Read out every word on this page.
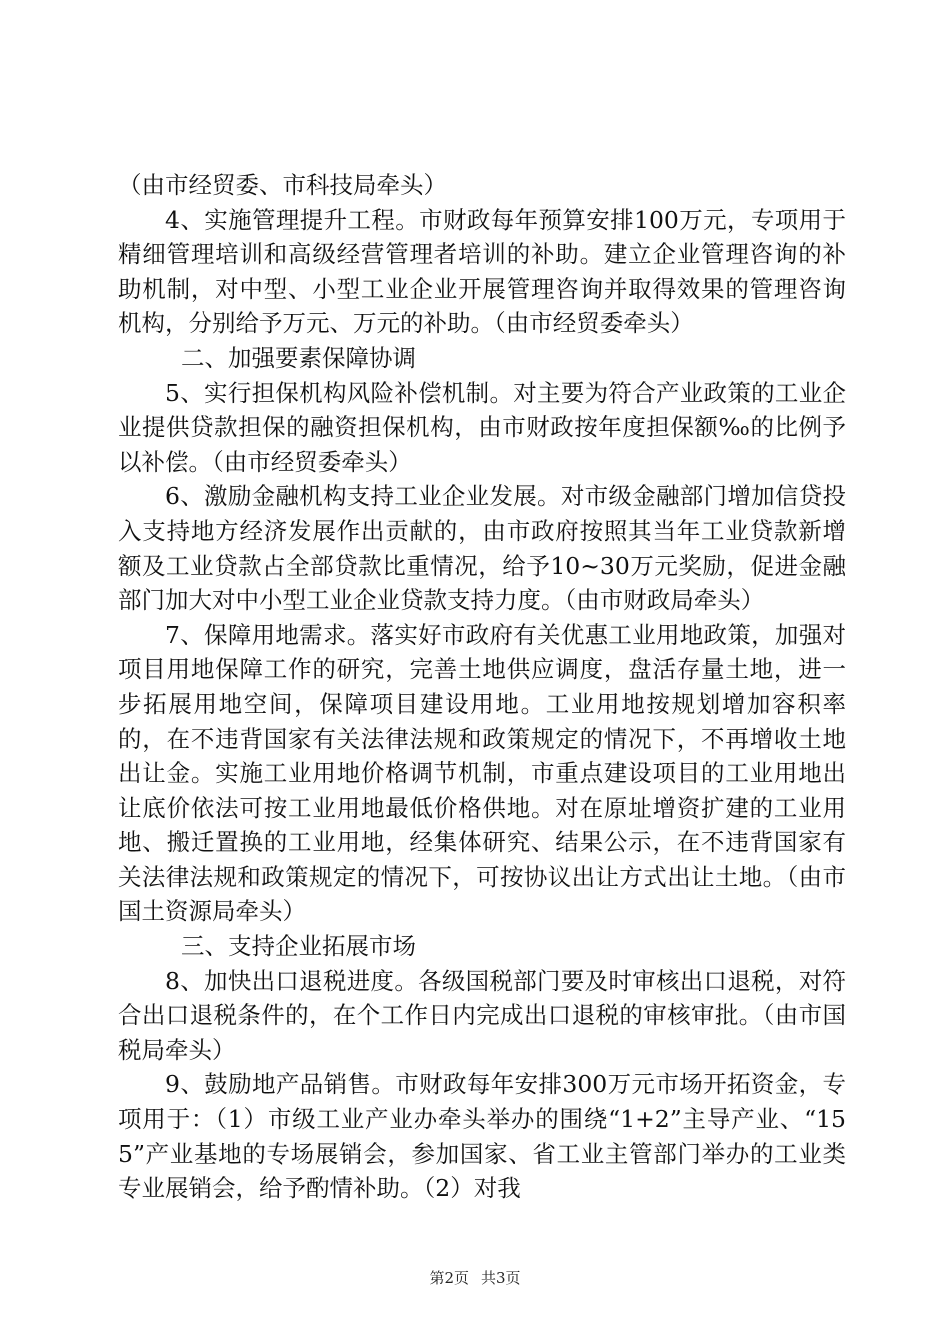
（由市经贸委、市科技局牵头）

4、实施管理提升工程。市财政每年预算安排100万元，专项用于精细管理培训和高级经营管理者培训的补助。建立企业管理咨询的补助机制，对中型、小型工业企业开展管理咨询并取得效果的管理咨询机构，分别给予万元、万元的补助。（由市经贸委牵头）

二、加强要素保障协调

5、实行担保机构风险补偿机制。对主要为符合产业政策的工业企业提供贷款担保的融资担保机构，由市财政按年度担保额‰的比例予以补偿。（由市经贸委牵头）

6、激励金融机构支持工业企业发展。对市级金融部门增加信贷投入支持地方经济发展作出贡献的，由市政府按照其当年工业贷款新增额及工业贷款占全部贷款比重情况，给予10~30万元奖励，促进金融部门加大对中小型工业企业贷款支持力度。（由市财政局牵头）

7、保障用地需求。落实好市政府有关优惠工业用地政策，加强对项目用地保障工作的研究，完善土地供应调度，盘活存量土地，进一步拓展用地空间，保障项目建设用地。工业用地按规划增加容积率的，在不违背国家有关法律法规和政策规定的情况下，不再增收土地出让金。实施工业用地价格调节机制，市重点建设项目的工业用地出让底价依法可按工业用地最低价格供地。对在原址增资扩建的工业用地、搬迁置换的工业用地，经集体研究、结果公示，在不违背国家有关法律法规和政策规定的情况下，可按协议出让方式出让土地。（由市国土资源局牵头）

三、支持企业拓展市场

8、加快出口退税进度。各级国税部门要及时审核出口退税，对符合出口退税条件的，在个工作日内完成出口退税的审核审批。（由市国税局牵头）

9、鼓励地产品销售。市财政每年安排300万元市场开拓资金，专项用于：（1）市级工业产业办牵头举办的围绕“1+2”主导产业、“155”产业基地的专场展销会，参加国家、省工业主管部门举办的工业类专业展销会，给予酌情补助。（2）对我

第2页 共3页
